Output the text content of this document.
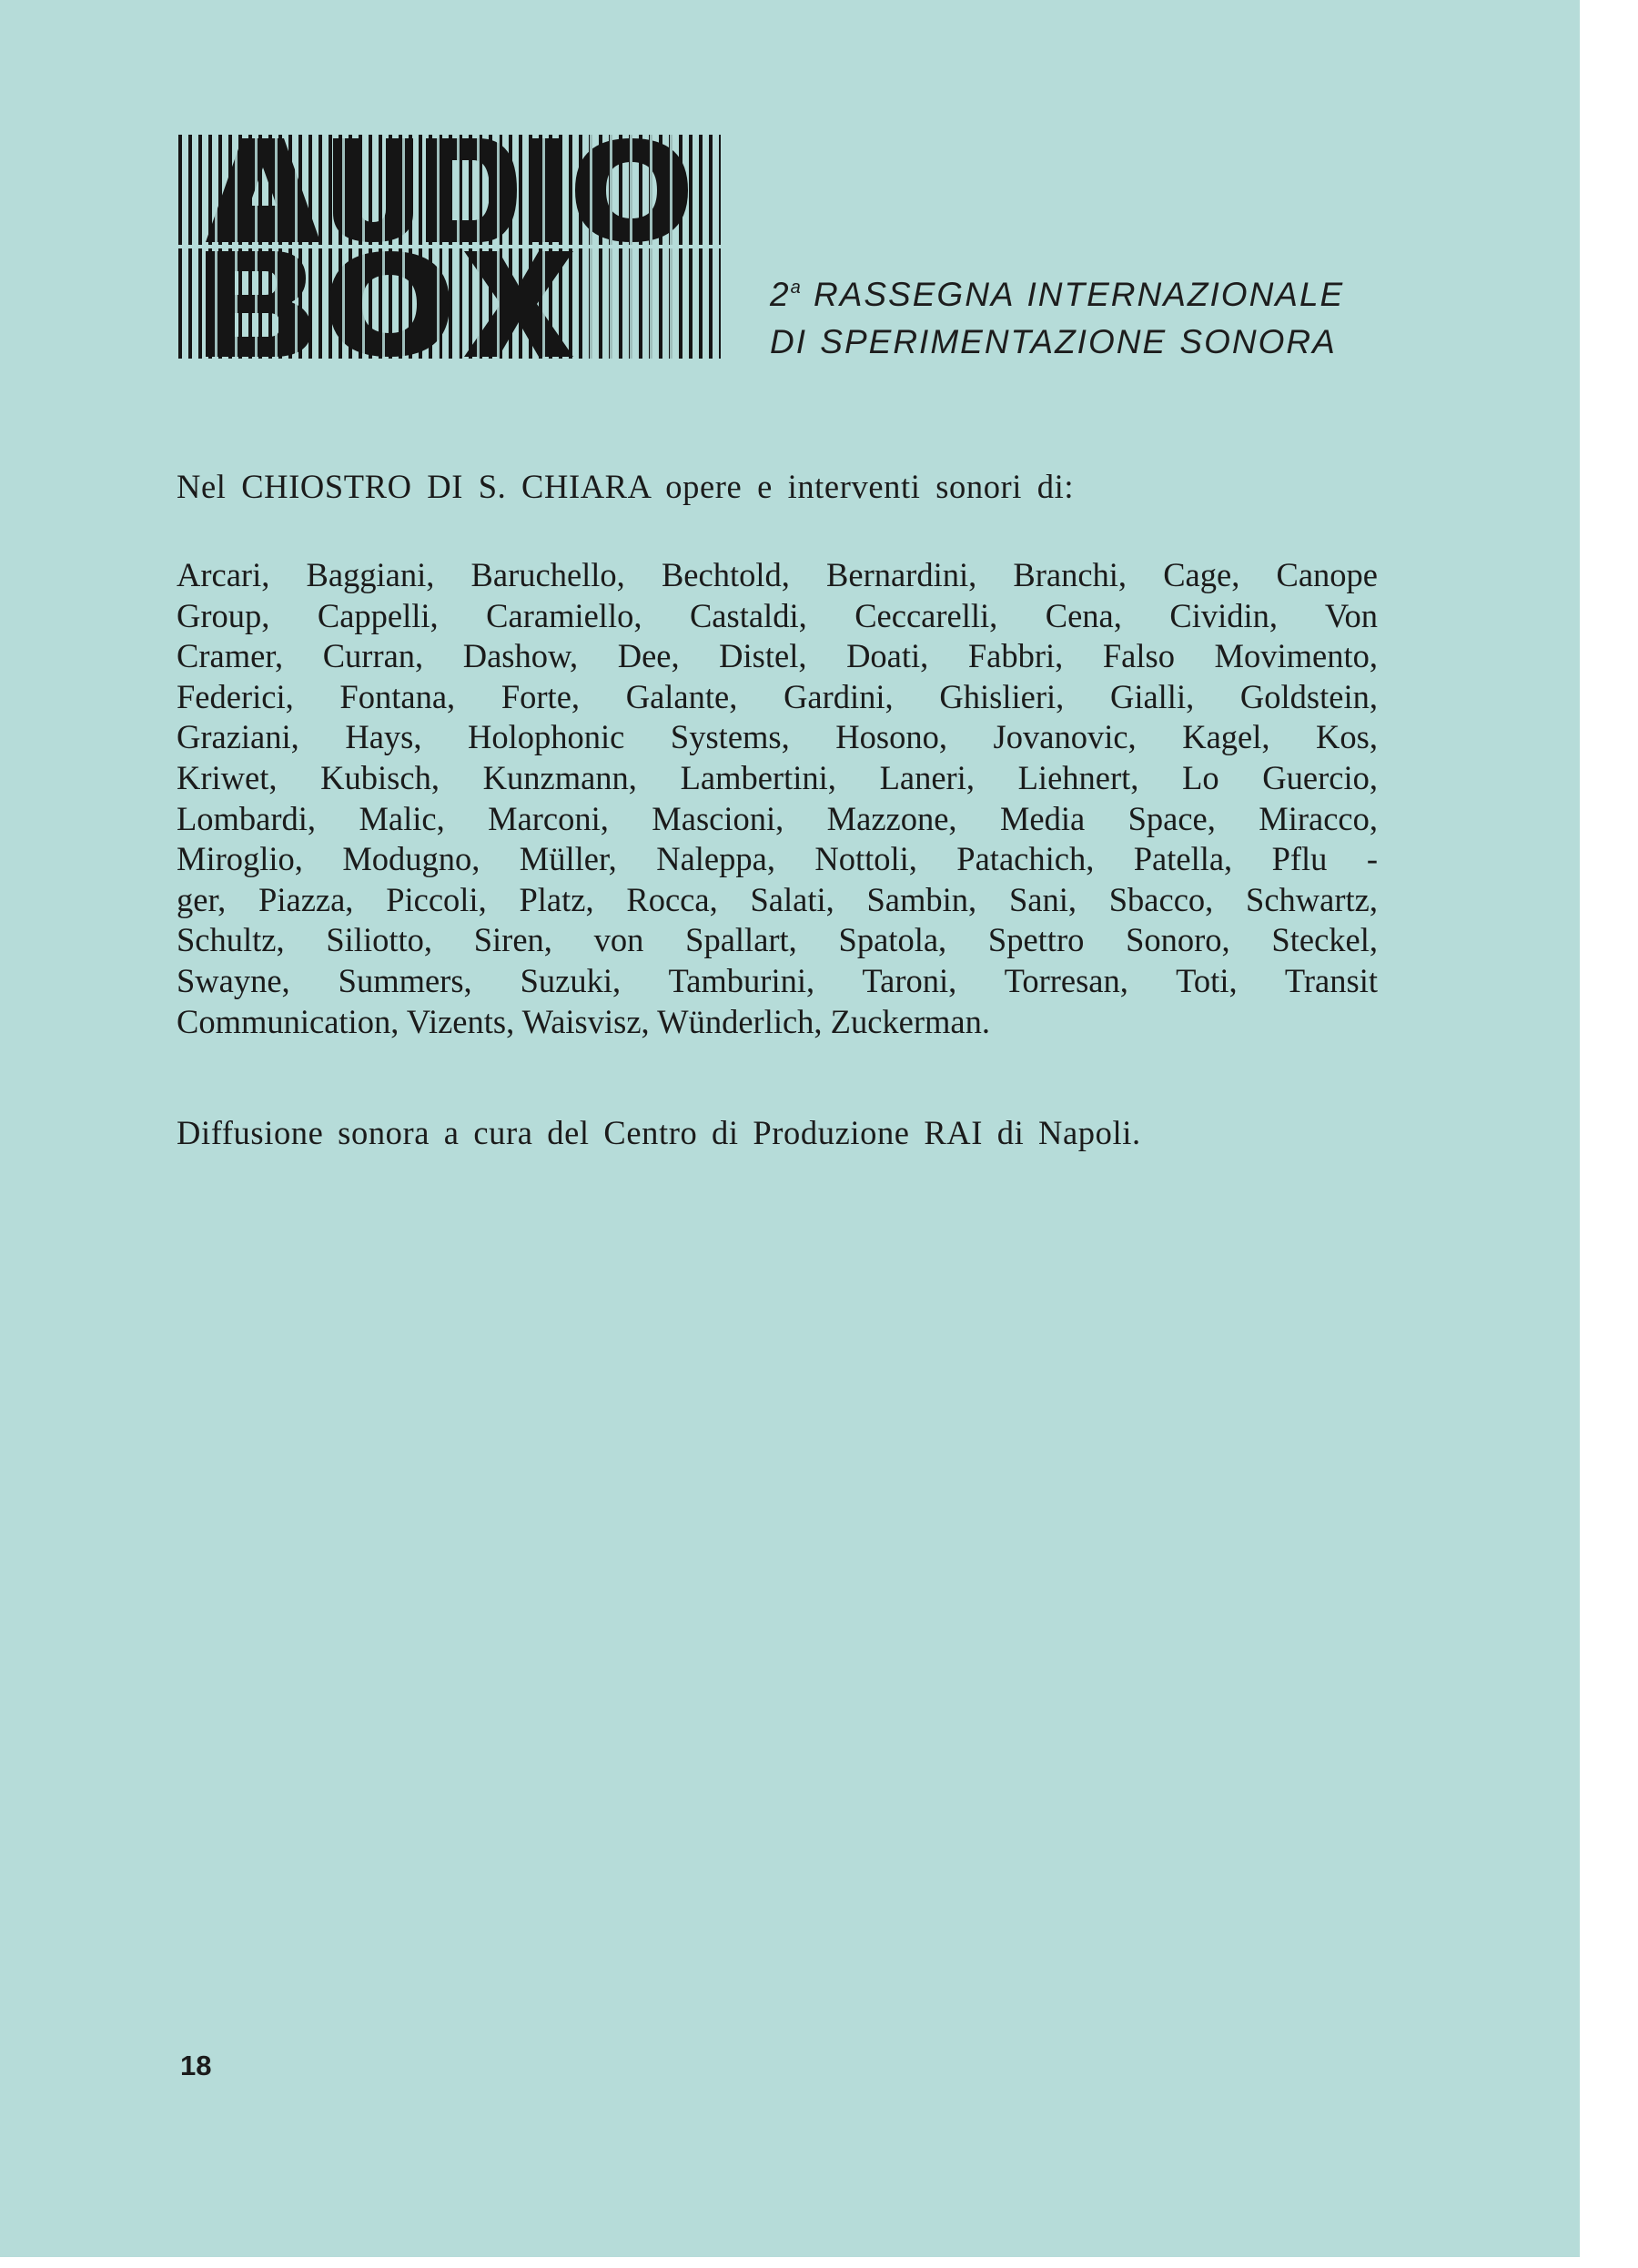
2$^a$ RASSEGNA INTERNAZIONALE
DI SPERIMENTAZIONE SONORA
Nel CHIOSTRO DI S. CHIARA opere e interventi sonori di:
Arcari, Baggiani, Baruchello, Bechtold, Bernardini, Branchi, Cage, Canope
Group, Cappelli, Caramiello, Castaldi, Ceccarelli, Cena, Cividin, Von
Cramer, Curran, Dashow, Dee, Distel, Doati, Fabbri, Falso Movimento,
Federici, Fontana, Forte, Galante, Gardini, Ghislieri, Gialli, Goldstein,
Graziani, Hays, Holophonic Systems, Hosono, Jovanovic, Kagel, Kos,
Kriwet, Kubisch, Kunzmann, Lambertini, Laneri, Liehnert, Lo Guercio,
Lombardi, Malic, Marconi, Mascioni, Mazzone, Media Space, Miracco,
Miroglio, Modugno, Müller, Naleppa, Nottoli, Patachich, Patella, Pflu -
ger, Piazza, Piccoli, Platz, Rocca, Salati, Sambin, Sani, Sbacco, Schwartz,
Schultz, Siliotto, Siren, von Spallart, Spatola, Spettro Sonoro, Steckel,
Swayne, Summers, Suzuki, Tamburini, Taroni, Torresan, Toti, Transit
Communication, Vizents, Waisvisz, Wünderlich, Zuckerman.
Diffusione sonora a cura del Centro di Produzione RAI di Napoli.
18
